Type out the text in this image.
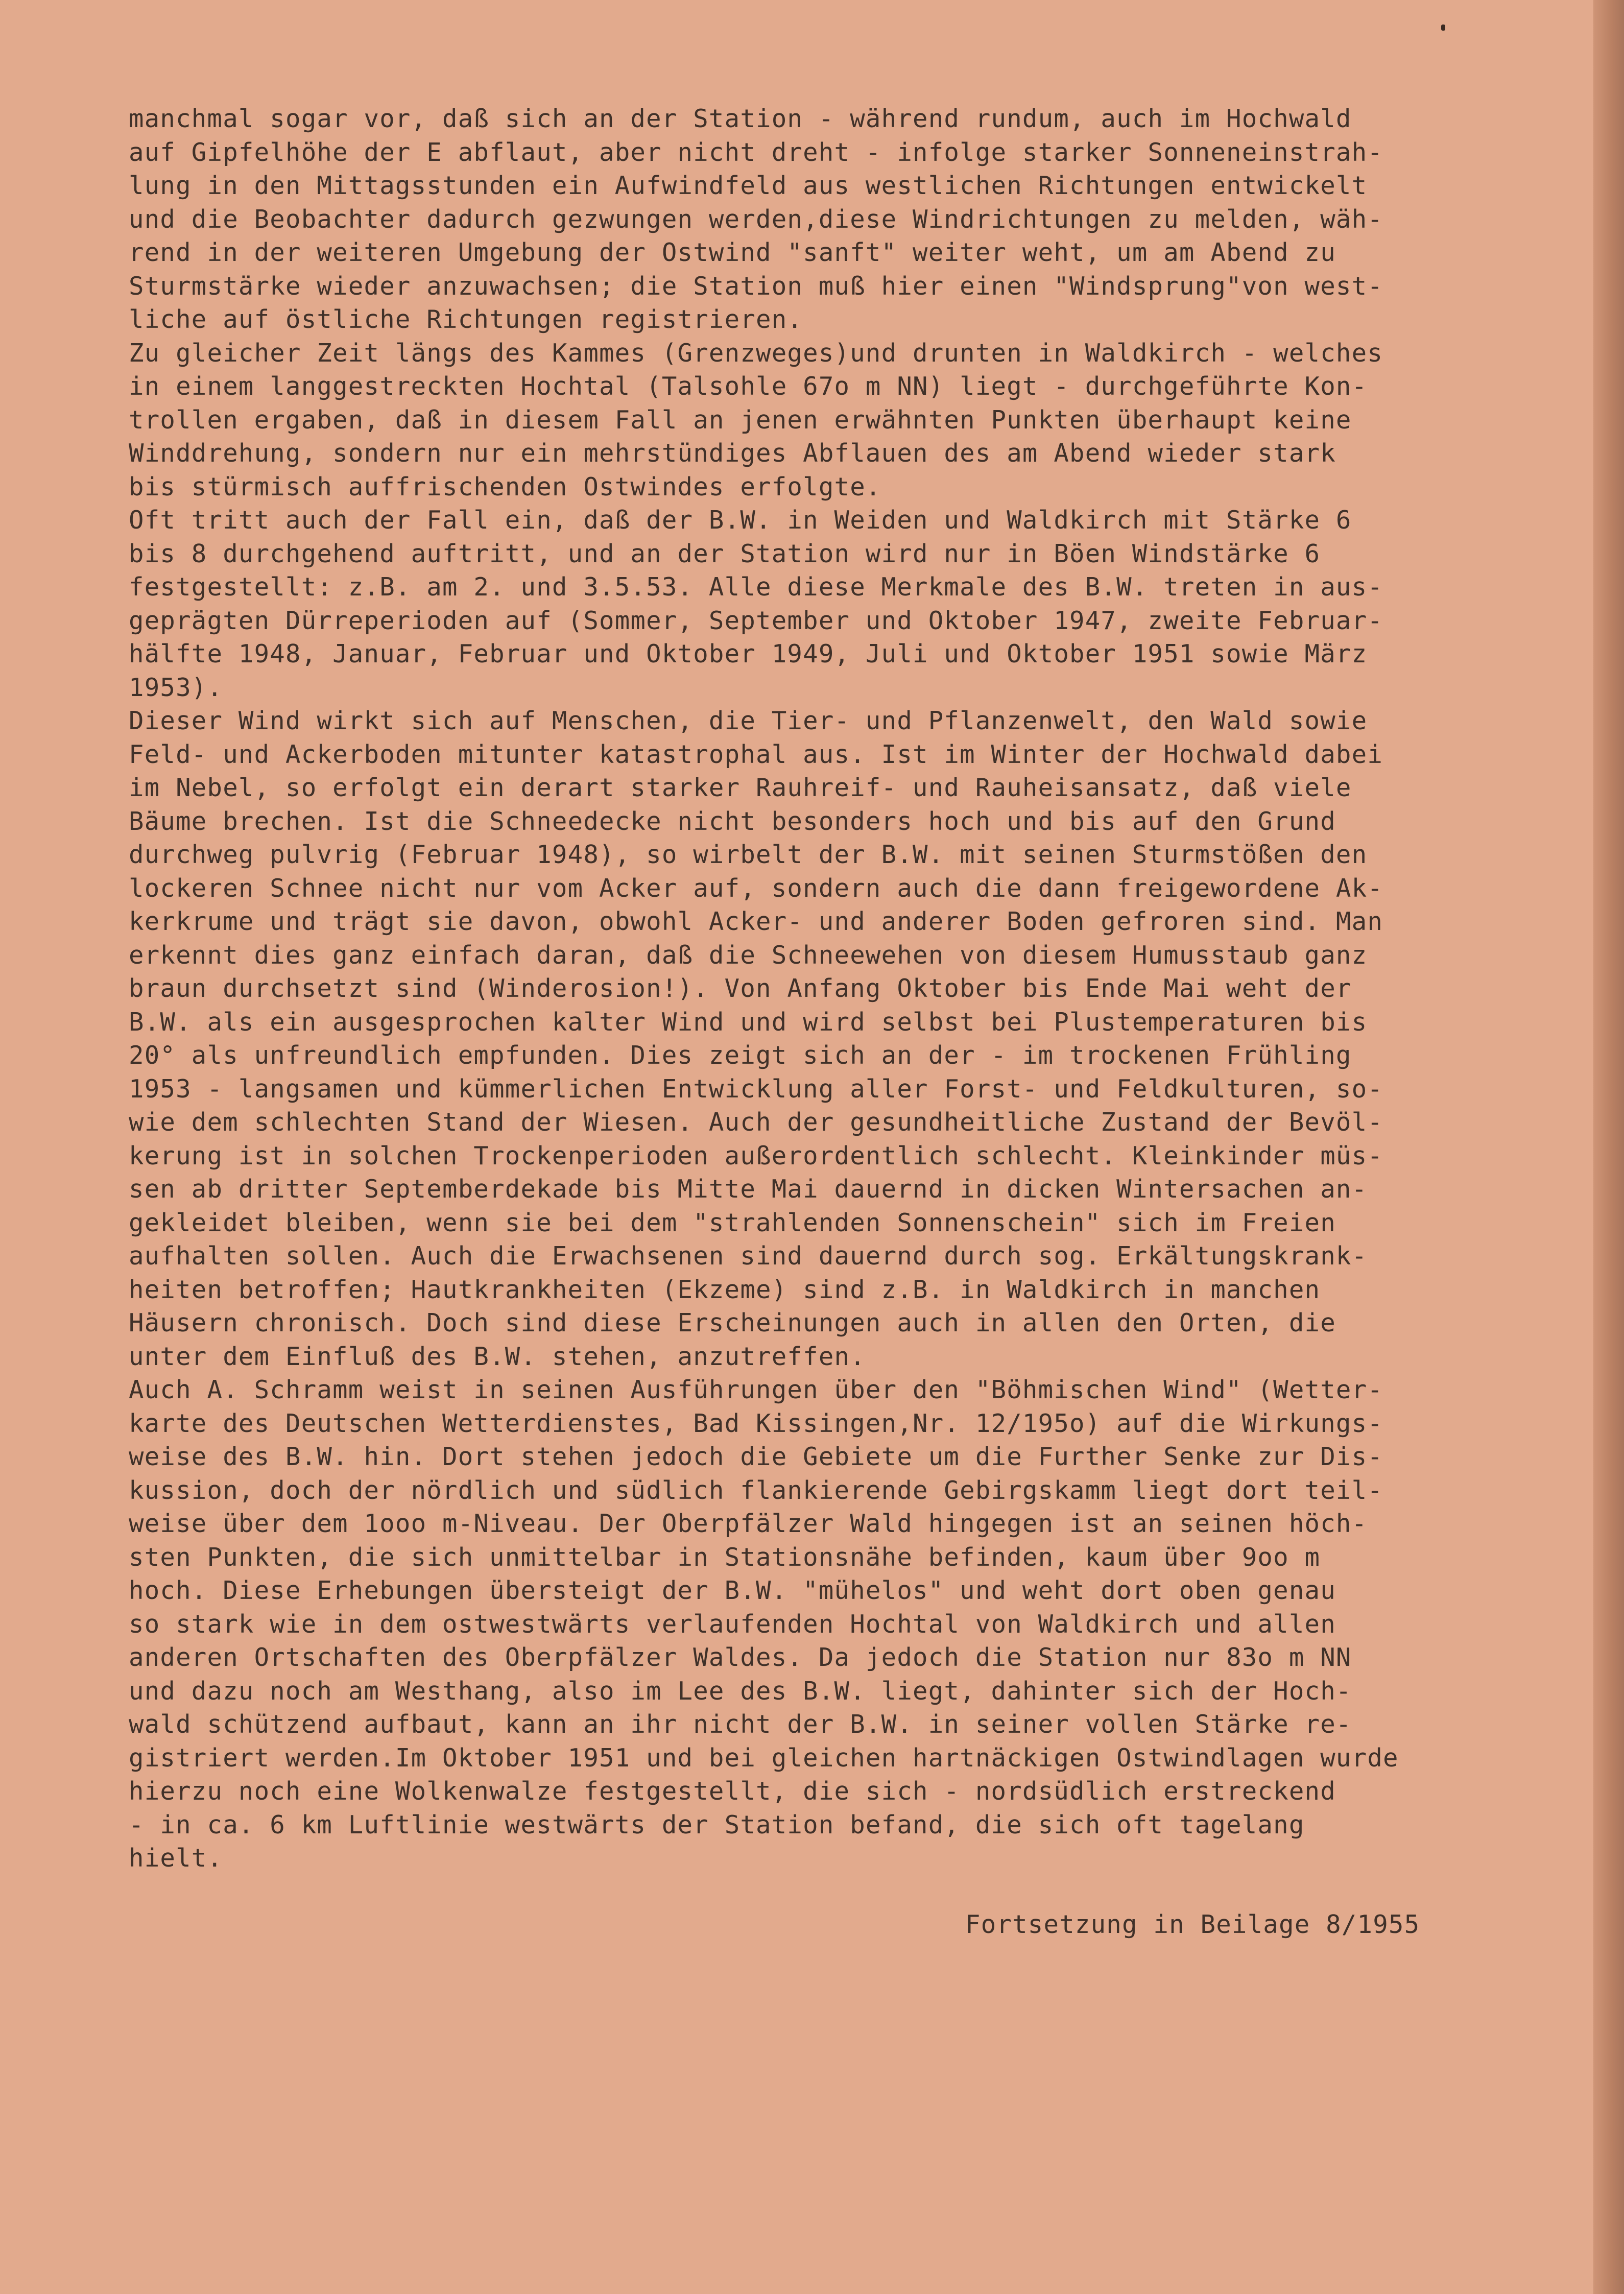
manchmal sogar vor, daß sich an der Station - während rundum, auch im Hochwald
auf Gipfelhöhe der E abflaut, aber nicht dreht - infolge starker Sonneneinstrah-
lung in den Mittagsstunden ein Aufwindfeld aus westlichen Richtungen entwickelt
und die Beobachter dadurch gezwungen werden,diese Windrichtungen zu melden, wäh-
rend in der weiteren Umgebung der Ostwind "sanft" weiter weht, um am Abend zu
Sturmstärke wieder anzuwachsen; die Station muß hier einen "Windsprung"von west-
liche auf östliche Richtungen registrieren.
Zu gleicher Zeit längs des Kammes (Grenzweges)und drunten in Waldkirch - welches
in einem langgestreckten Hochtal (Talsohle 67o m NN) liegt - durchgeführte Kon-
trollen ergaben, daß in diesem Fall an jenen erwähnten Punkten überhaupt keine
Winddrehung, sondern nur ein mehrstündiges Abflauen des am Abend wieder stark
bis stürmisch auffrischenden Ostwindes erfolgte.
Oft tritt auch der Fall ein, daß der B.W. in Weiden und Waldkirch mit Stärke 6
bis 8 durchgehend auftritt, und an der Station wird nur in Böen Windstärke 6
festgestellt: z.B. am 2. und 3.5.53. Alle diese Merkmale des B.W. treten in aus-
geprägten Dürreperioden auf (Sommer, September und Oktober 1947, zweite Februar-
hälfte 1948, Januar, Februar und Oktober 1949, Juli und Oktober 1951 sowie März
1953).
Dieser Wind wirkt sich auf Menschen, die Tier- und Pflanzenwelt, den Wald sowie
Feld- und Ackerboden mitunter katastrophal aus. Ist im Winter der Hochwald dabei
im Nebel, so erfolgt ein derart starker Rauhreif- und Rauheisansatz, daß viele
Bäume brechen. Ist die Schneedecke nicht besonders hoch und bis auf den Grund
durchweg pulvrig (Februar 1948), so wirbelt der B.W. mit seinen Sturmstößen den
lockeren Schnee nicht nur vom Acker auf, sondern auch die dann freigewordene Ak-
kerkrume und trägt sie davon, obwohl Acker- und anderer Boden gefroren sind. Man
erkennt dies ganz einfach daran, daß die Schneewehen von diesem Humusstaub ganz
braun durchsetzt sind (Winderosion!). Von Anfang Oktober bis Ende Mai weht der
B.W. als ein ausgesprochen kalter Wind und wird selbst bei Plustemperaturen bis
20° als unfreundlich empfunden. Dies zeigt sich an der - im trockenen Frühling
1953 - langsamen und kümmerlichen Entwicklung aller Forst- und Feldkulturen, so-
wie dem schlechten Stand der Wiesen. Auch der gesundheitliche Zustand der Bevöl-
kerung ist in solchen Trockenperioden außerordentlich schlecht. Kleinkinder müs-
sen ab dritter Septemberdekade bis Mitte Mai dauernd in dicken Wintersachen an-
gekleidet bleiben, wenn sie bei dem "strahlenden Sonnenschein" sich im Freien
aufhalten sollen. Auch die Erwachsenen sind dauernd durch sog. Erkältungskrank-
heiten betroffen; Hautkrankheiten (Ekzeme) sind z.B. in Waldkirch in manchen
Häusern chronisch. Doch sind diese Erscheinungen auch in allen den Orten, die
unter dem Einfluß des B.W. stehen, anzutreffen.
Auch A. Schramm weist in seinen Ausführungen über den "Böhmischen Wind" (Wetter-
karte des Deutschen Wetterdienstes, Bad Kissingen,Nr. 12/195o) auf die Wirkungs-
weise des B.W. hin. Dort stehen jedoch die Gebiete um die Further Senke zur Dis-
kussion, doch der nördlich und südlich flankierende Gebirgskamm liegt dort teil-
weise über dem 1ooo m-Niveau. Der Oberpfälzer Wald hingegen ist an seinen höch-
sten Punkten, die sich unmittelbar in Stationsnähe befinden, kaum über 9oo m
hoch. Diese Erhebungen übersteigt der B.W. "mühelos" und weht dort oben genau
so stark wie in dem ostwestwärts verlaufenden Hochtal von Waldkirch und allen
anderen Ortschaften des Oberpfälzer Waldes. Da jedoch die Station nur 83o m NN
und dazu noch am Westhang, also im Lee des B.W. liegt, dahinter sich der Hoch-
wald schützend aufbaut, kann an ihr nicht der B.W. in seiner vollen Stärke re-
gistriert werden.Im Oktober 1951 und bei gleichen hartnäckigen Ostwindlagen wurde
hierzu noch eine Wolkenwalze festgestellt, die sich - nordsüdlich erstreckend
- in ca. 6 km Luftlinie westwärts der Station befand, die sich oft tagelang
hielt.
Fortsetzung in Beilage 8/1955
